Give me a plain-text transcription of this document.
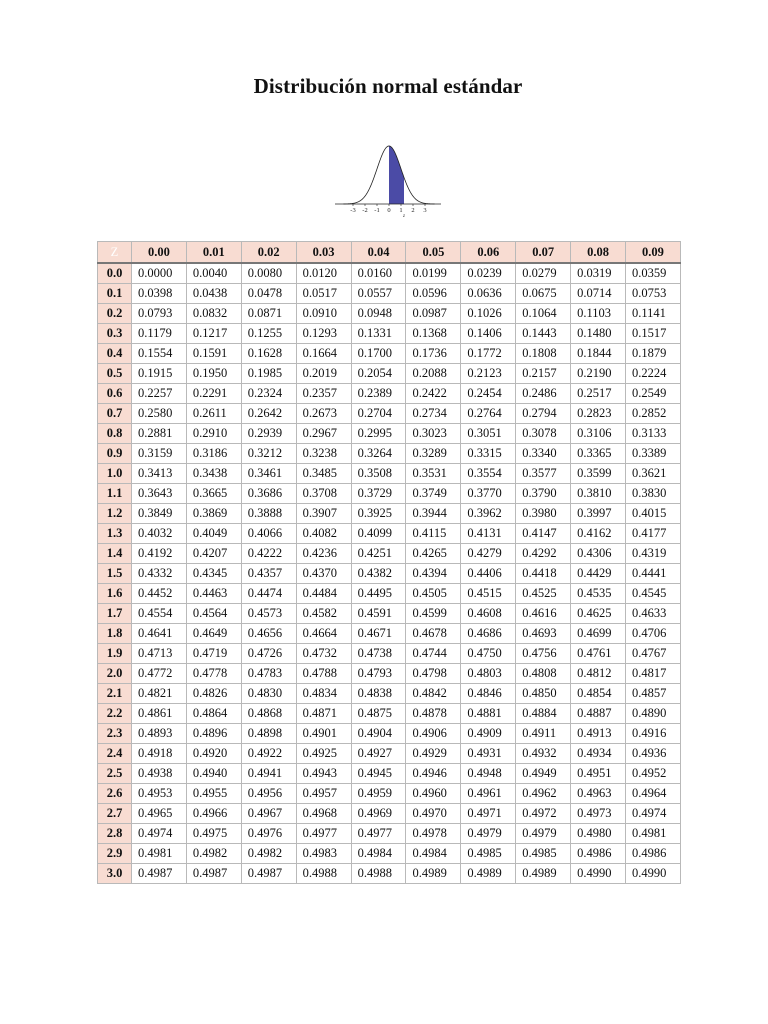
Distribución normal estándar
-3 -2 -1 0 1 2 3
z
Z	0.00	0.01	0.02	0.03	0.04	0.05	0.06	0.07	0.08	0.09
0.0	0.0000	0.0040	0.0080	0.0120	0.0160	0.0199	0.0239	0.0279	0.0319	0.0359
0.1	0.0398	0.0438	0.0478	0.0517	0.0557	0.0596	0.0636	0.0675	0.0714	0.0753
0.2	0.0793	0.0832	0.0871	0.0910	0.0948	0.0987	0.1026	0.1064	0.1103	0.1141
0.3	0.1179	0.1217	0.1255	0.1293	0.1331	0.1368	0.1406	0.1443	0.1480	0.1517
0.4	0.1554	0.1591	0.1628	0.1664	0.1700	0.1736	0.1772	0.1808	0.1844	0.1879
0.5	0.1915	0.1950	0.1985	0.2019	0.2054	0.2088	0.2123	0.2157	0.2190	0.2224
0.6	0.2257	0.2291	0.2324	0.2357	0.2389	0.2422	0.2454	0.2486	0.2517	0.2549
0.7	0.2580	0.2611	0.2642	0.2673	0.2704	0.2734	0.2764	0.2794	0.2823	0.2852
0.8	0.2881	0.2910	0.2939	0.2967	0.2995	0.3023	0.3051	0.3078	0.3106	0.3133
0.9	0.3159	0.3186	0.3212	0.3238	0.3264	0.3289	0.3315	0.3340	0.3365	0.3389
1.0	0.3413	0.3438	0.3461	0.3485	0.3508	0.3531	0.3554	0.3577	0.3599	0.3621
1.1	0.3643	0.3665	0.3686	0.3708	0.3729	0.3749	0.3770	0.3790	0.3810	0.3830
1.2	0.3849	0.3869	0.3888	0.3907	0.3925	0.3944	0.3962	0.3980	0.3997	0.4015
1.3	0.4032	0.4049	0.4066	0.4082	0.4099	0.4115	0.4131	0.4147	0.4162	0.4177
1.4	0.4192	0.4207	0.4222	0.4236	0.4251	0.4265	0.4279	0.4292	0.4306	0.4319
1.5	0.4332	0.4345	0.4357	0.4370	0.4382	0.4394	0.4406	0.4418	0.4429	0.4441
1.6	0.4452	0.4463	0.4474	0.4484	0.4495	0.4505	0.4515	0.4525	0.4535	0.4545
1.7	0.4554	0.4564	0.4573	0.4582	0.4591	0.4599	0.4608	0.4616	0.4625	0.4633
1.8	0.4641	0.4649	0.4656	0.4664	0.4671	0.4678	0.4686	0.4693	0.4699	0.4706
1.9	0.4713	0.4719	0.4726	0.4732	0.4738	0.4744	0.4750	0.4756	0.4761	0.4767
2.0	0.4772	0.4778	0.4783	0.4788	0.4793	0.4798	0.4803	0.4808	0.4812	0.4817
2.1	0.4821	0.4826	0.4830	0.4834	0.4838	0.4842	0.4846	0.4850	0.4854	0.4857
2.2	0.4861	0.4864	0.4868	0.4871	0.4875	0.4878	0.4881	0.4884	0.4887	0.4890
2.3	0.4893	0.4896	0.4898	0.4901	0.4904	0.4906	0.4909	0.4911	0.4913	0.4916
2.4	0.4918	0.4920	0.4922	0.4925	0.4927	0.4929	0.4931	0.4932	0.4934	0.4936
2.5	0.4938	0.4940	0.4941	0.4943	0.4945	0.4946	0.4948	0.4949	0.4951	0.4952
2.6	0.4953	0.4955	0.4956	0.4957	0.4959	0.4960	0.4961	0.4962	0.4963	0.4964
2.7	0.4965	0.4966	0.4967	0.4968	0.4969	0.4970	0.4971	0.4972	0.4973	0.4974
2.8	0.4974	0.4975	0.4976	0.4977	0.4977	0.4978	0.4979	0.4979	0.4980	0.4981
2.9	0.4981	0.4982	0.4982	0.4983	0.4984	0.4984	0.4985	0.4985	0.4986	0.4986
3.0	0.4987	0.4987	0.4987	0.4988	0.4988	0.4989	0.4989	0.4989	0.4990	0.4990
